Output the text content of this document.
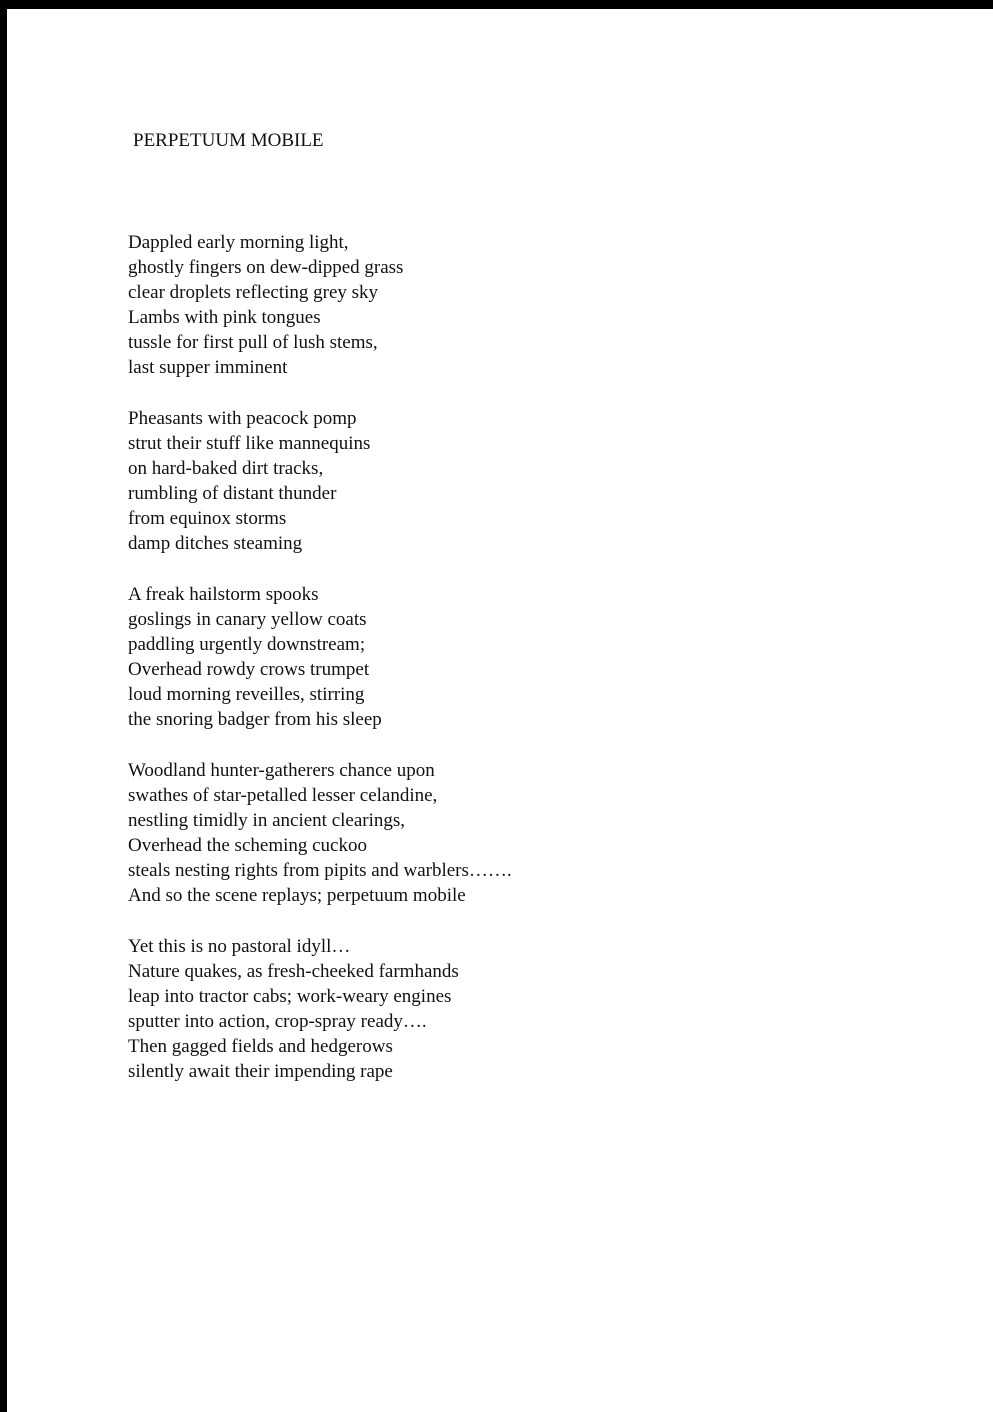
PERPETUUM MOBILE
Dappled early morning light,
ghostly fingers on dew-dipped grass
clear droplets reflecting grey sky
Lambs with pink tongues
tussle for first pull of lush stems,
last supper imminent
Pheasants with peacock pomp
strut their stuff like mannequins
on hard-baked dirt tracks,
rumbling of distant thunder
from equinox storms
damp ditches steaming
A freak hailstorm spooks
goslings in canary yellow coats
paddling urgently downstream;
Overhead rowdy crows trumpet
loud morning reveilles, stirring
the snoring badger from his sleep
Woodland hunter-gatherers chance upon
swathes of star-petalled lesser celandine,
nestling timidly in ancient clearings,
Overhead the scheming cuckoo
steals nesting rights from pipits and warblers…….
And so the scene replays; perpetuum mobile
Yet this is no pastoral idyll…
Nature quakes, as fresh-cheeked farmhands
leap into tractor cabs; work-weary engines
sputter into action, crop-spray ready….
Then gagged fields and hedgerows
silently await their impending rape
